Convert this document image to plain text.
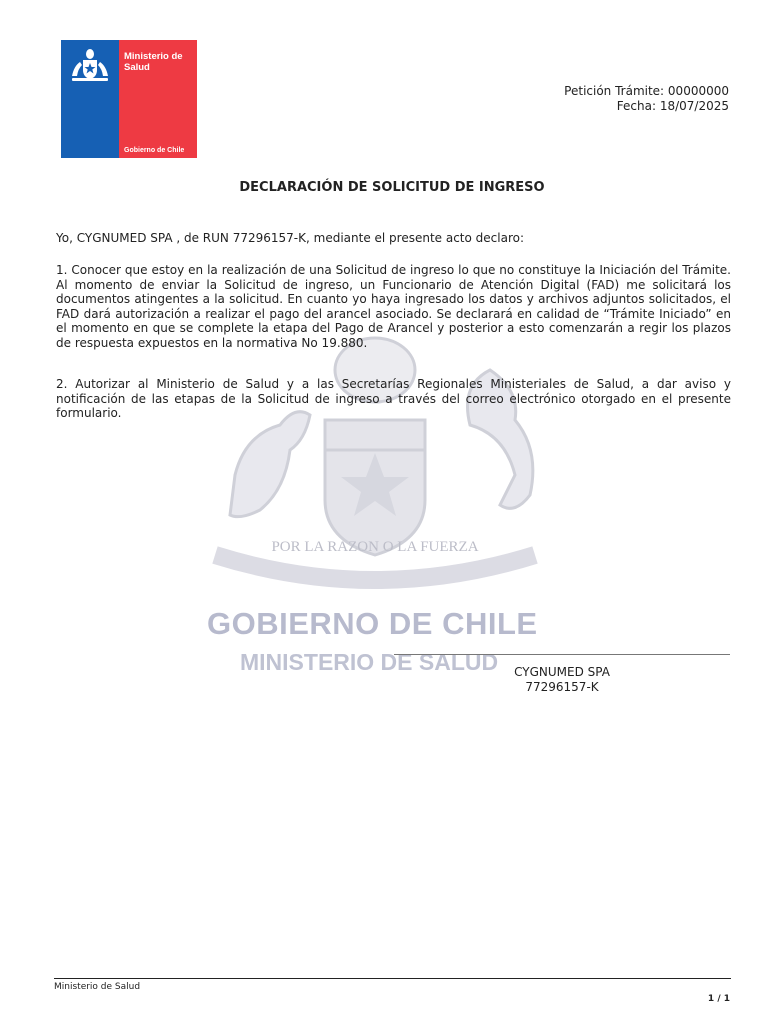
Ministerio de Salud
Gobierno de Chile
Petición Trámite: 00000000
Fecha: 18/07/2025
POR LA RAZON O LA FUERZA
GOBIERNO DE CHILE
MINISTERIO DE SALUD
DECLARACIÓN DE SOLICITUD DE INGRESO
Yo, CYGNUMED SPA , de RUN 77296157-K, mediante el presente acto declaro:
1. Conocer que estoy en la realización de una Solicitud de ingreso lo que no constituye la Iniciación del Trámite. Al momento de enviar la Solicitud de ingreso, un Funcionario de Atención Digital (FAD) me solicitará los documentos atingentes a la solicitud. En cuanto yo haya ingresado los datos y archivos adjuntos solicitados, el FAD dará autorización a realizar el pago del arancel asociado. Se declarará en calidad de “Trámite Iniciado” en el momento en que se complete la etapa del Pago de Arancel y posterior a esto comenzarán a regir los plazos de respuesta expuestos en la normativa No 19.880.
2. Autorizar al Ministerio de Salud y a las Secretarías Regionales Ministeriales de Salud, a dar aviso y notificación de las etapas de la Solicitud de ingreso a través del correo electrónico otorgado en el presente formulario.
CYGNUMED SPA
77296157-K
Ministerio de Salud
1 / 1
